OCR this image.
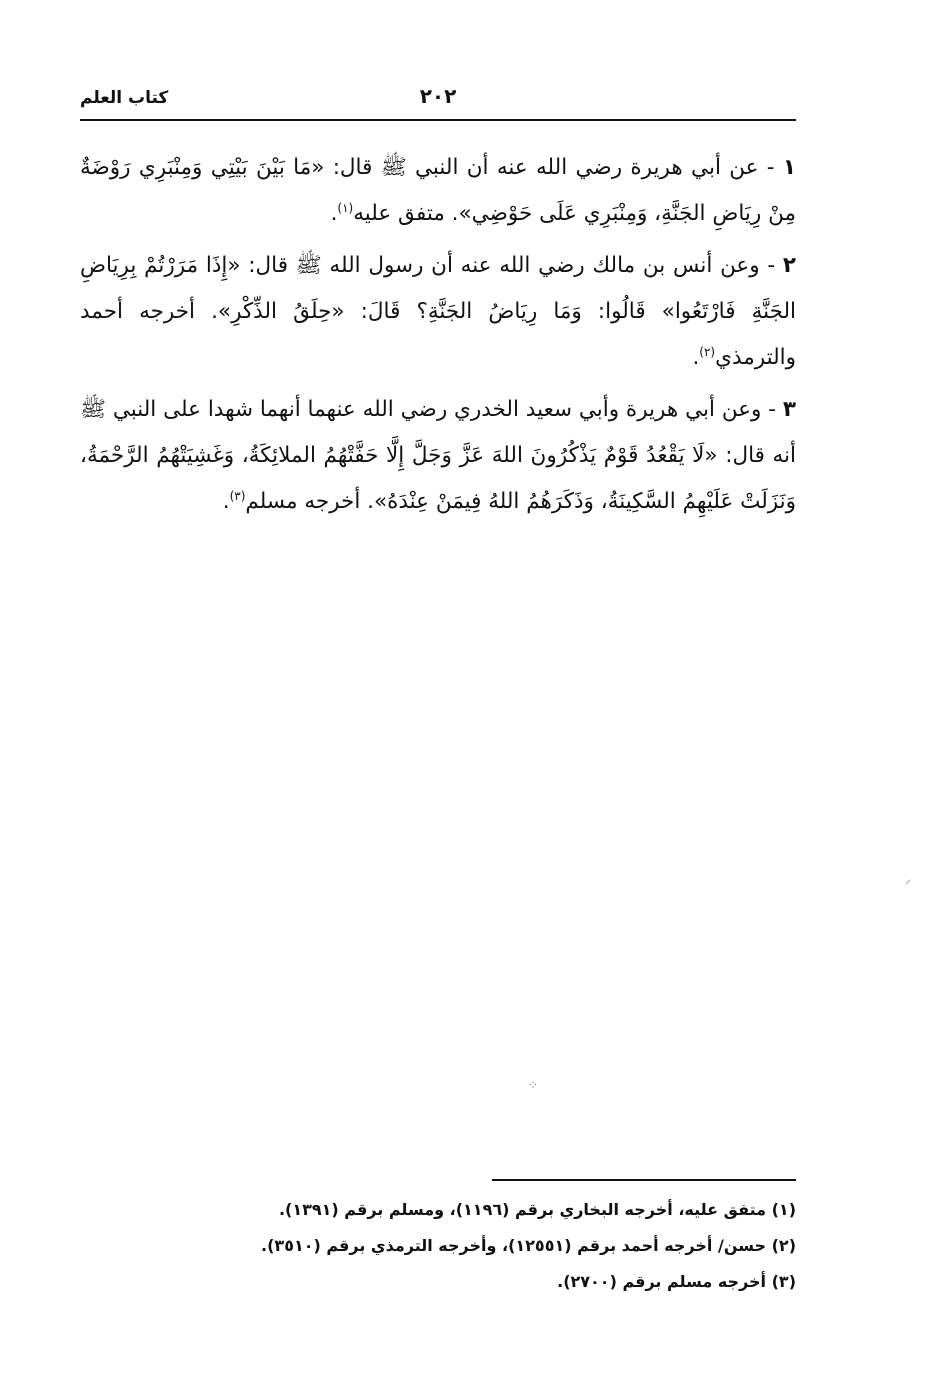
كتاب العلم	٢٠٢

١ - عن أبي هريرة رضي الله عنه أن النبي ﷺ قال: «مَا بَيْنَ بَيْتِي وَمِنْبَرِي رَوْضَةٌ مِنْ رِيَاضِ الجَنَّةِ، وَمِنْبَرِي عَلَى حَوْضِي». متفق عليه$^{(١)}$.

٢ - وعن أنس بن مالك رضي الله عنه أن رسول الله ﷺ قال: «إِذَا مَرَرْتُمْ بِرِيَاضِ الجَنَّةِ فَارْتَعُوا» قَالُوا: وَمَا رِيَاضُ الجَنَّةِ؟ قَالَ: «حِلَقُ الذِّكْرِ». أخرجه أحمد والترمذي$^{(٢)}$.

٣ - وعن أبي هريرة وأبي سعيد الخدري رضي الله عنهما أنهما شهدا على النبي ﷺ أنه قال: «لَا يَقْعُدُ قَوْمٌ يَذْكُرُونَ اللهَ عَزَّ وَجَلَّ إِلَّا حَفَّتْهُمُ الملائِكَةُ، وَغَشِيَتْهُمُ الرَّحْمَةُ، وَنَزَلَتْ عَلَيْهِمُ السَّكِينَةُ، وَذَكَرَهُمُ اللهُ فِيمَنْ عِنْدَهُ». أخرجه مسلم$^{(٣)}$.

(١) متفق عليه، أخرجه البخاري برقم (١١٩٦)، ومسلم برقم (١٣٩١).

(٢) حسن/ أخرجه أحمد برقم (١٢٥٥١)، وأخرجه الترمذي برقم (٣٥١٠).

(٣) أخرجه مسلم برقم (٢٧٠٠).

⸝
⁘
